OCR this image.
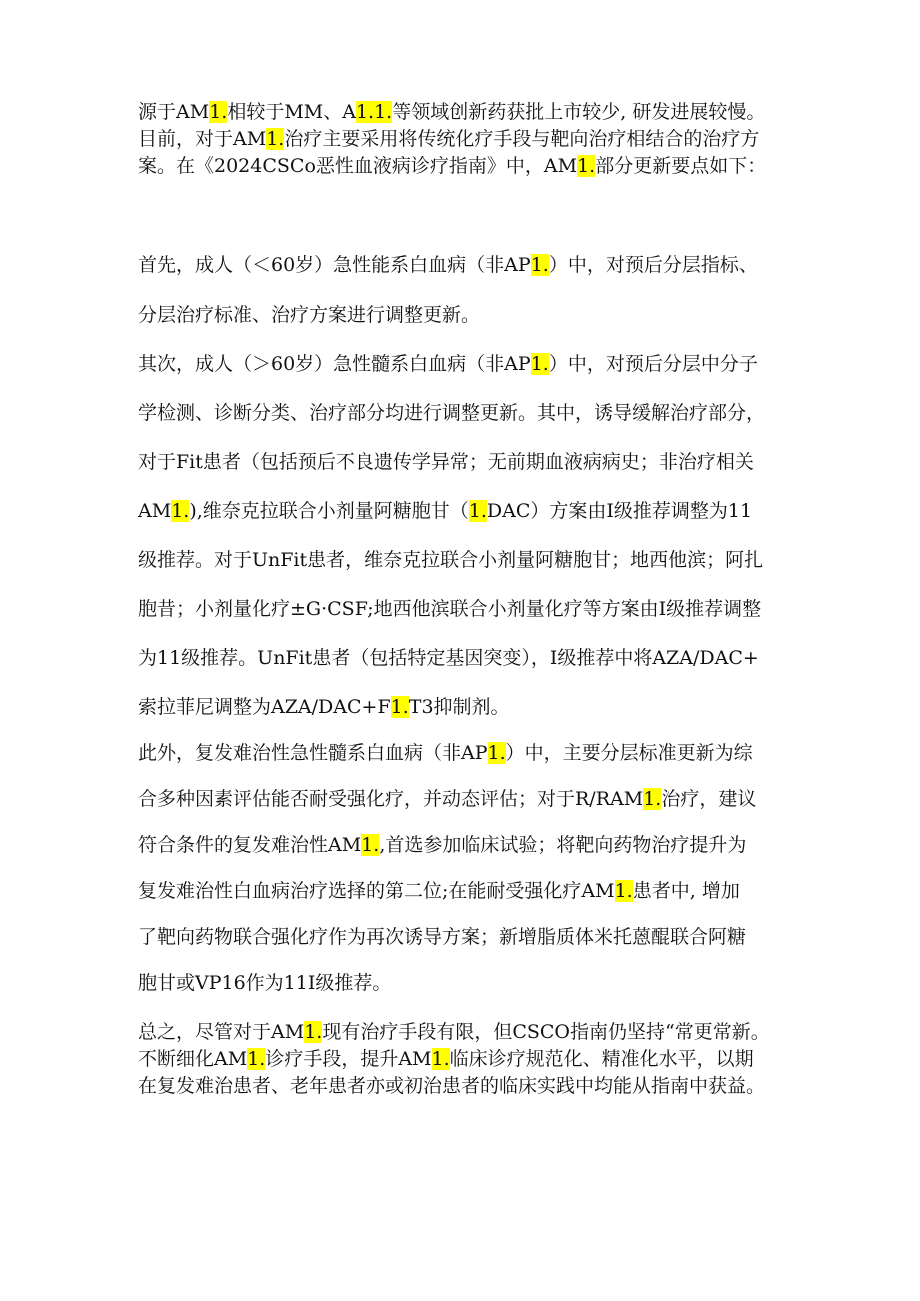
源于AM1.相较于MM、A1.1.等领域创新药获批上市较少, 研发进展较慢。
目前，对于AM1.治疗主要采用将传统化疗手段与靶向治疗相结合的治疗方
案。在《2024CSCo恶性血液病诊疗指南》中，AM1.部分更新要点如下：
首先，成人（＜60岁）急性能系白血病（非AP1.）中，对预后分层指标、
分层治疗标准、治疗方案进行调整更新。
其次，成人（＞60岁）急性髓系白血病（非AP1.）中，对预后分层中分子
学检测、诊断分类、治疗部分均进行调整更新。其中，诱导缓解治疗部分，
对于Fit患者（包括预后不良遗传学异常；无前期血液病病史；非治疗相关
AM1.),维奈克拉联合小剂量阿糖胞甘（1.DAC）方案由I级推荐调整为11
级推荐。对于UnFit患者，维奈克拉联合小剂量阿糖胞甘；地西他滨；阿扎
胞昔；小剂量化疗±G·CSF;地西他滨联合小剂量化疗等方案由I级推荐调整
为11级推荐。UnFit患者（包括特定基因突变），I级推荐中将AZA/DAC+
索拉菲尼调整为AZA/DAC+F1.T3抑制剂。
此外，复发难治性急性髓系白血病（非AP1.）中，主要分层标准更新为综
合多种因素评估能否耐受强化疗，并动态评估；对于R/RAM1.治疗，建议
符合条件的复发难治性AM1.,首选参加临床试验；将靶向药物治疗提升为
复发难治性白血病治疗选择的第二位;在能耐受强化疗AM1.患者中, 增加
了靶向药物联合强化疗作为再次诱导方案；新增脂质体米托蒽醌联合阿糖
胞甘或VP16作为11I级推荐。
总之，尽管对于AM1.现有治疗手段有限，但CSCO指南仍坚持“常更常新。
不断细化AM1.诊疗手段，提升AM1.临床诊疗规范化、精准化水平，以期
在复发难治患者、老年患者亦或初治患者的临床实践中均能从指南中获益。
